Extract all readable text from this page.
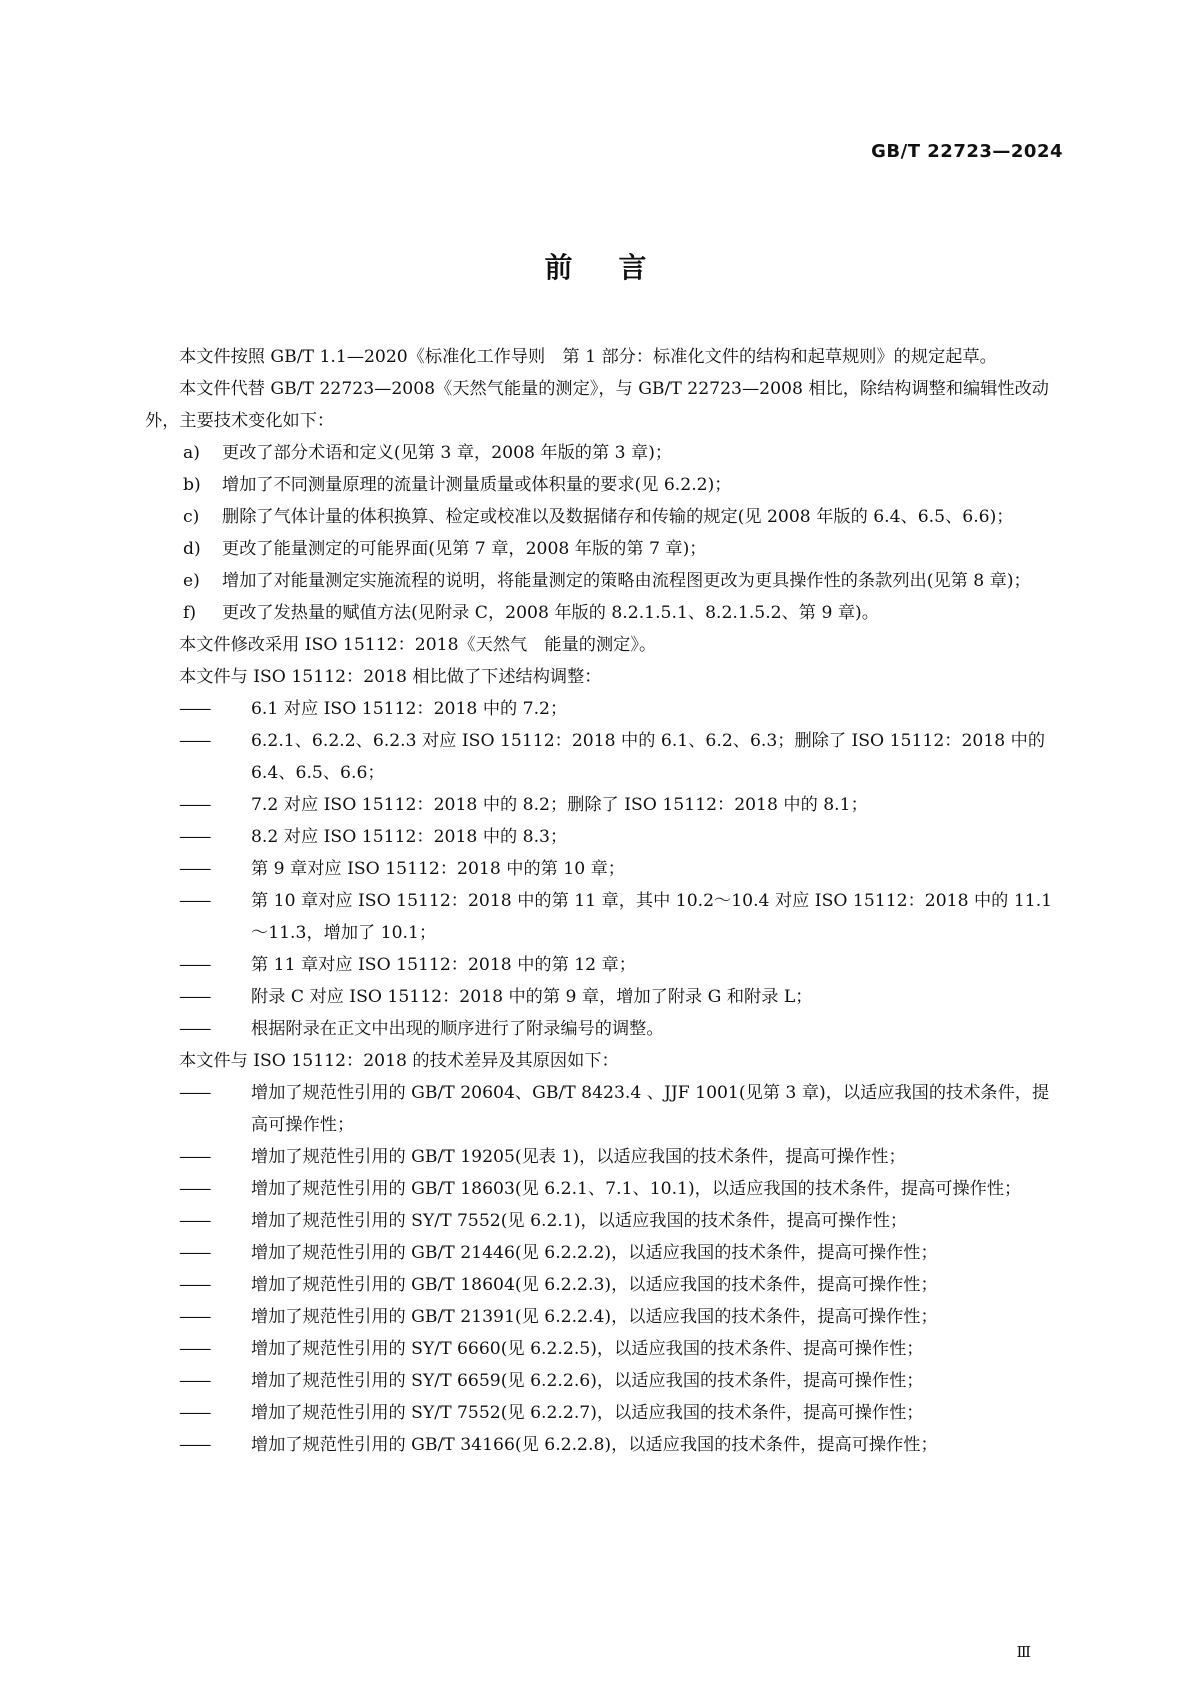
GB/T 22723—2024
前言

本文件按照 GB/T 1.1—2020《标准化工作导则　第 1 部分：标准化文件的结构和起草规则》的规定起草。

本文件代替 GB/T 22723—2008《天然气能量的测定》，与 GB/T 22723—2008 相比，除结构调整和编辑性改动外，主要技术变化如下：

a)	更改了部分术语和定义(见第 3 章，2008 年版的第 3 章)；
b)	增加了不同测量原理的流量计测量质量或体积量的要求(见 6.2.2)；
c)	删除了气体计量的体积换算、检定或校准以及数据储存和传输的规定(见 2008 年版的 6.4、6.5、6.6)；
d)	更改了能量测定的可能界面(见第 7 章，2008 年版的第 7 章)；
e)	增加了对能量测定实施流程的说明，将能量测定的策略由流程图更改为更具操作性的条款列出(见第 8 章)；
f)	更改了发热量的赋值方法(见附录 C，2008 年版的 8.2.1.5.1、8.2.1.5.2、第 9 章)。

本文件修改采用 ISO 15112：2018《天然气　能量的测定》。

本文件与 ISO 15112：2018 相比做了下述结构调整：

——	6.1 对应 ISO 15112：2018 中的 7.2；
——	6.2.1、6.2.2、6.2.3 对应 ISO 15112：2018 中的 6.1、6.2、6.3；删除了 ISO 15112：2018 中的 6.4、6.5、6.6；
——	7.2 对应 ISO 15112：2018 中的 8.2；删除了 ISO 15112：2018 中的 8.1；
——	8.2 对应 ISO 15112：2018 中的 8.3；
——	第 9 章对应 ISO 15112：2018 中的第 10 章；
——	第 10 章对应 ISO 15112：2018 中的第 11 章，其中 10.2～10.4 对应 ISO 15112：2018 中的 11.1～11.3，增加了 10.1；
——	第 11 章对应 ISO 15112：2018 中的第 12 章；
——	附录 C 对应 ISO 15112：2018 中的第 9 章，增加了附录 G 和附录 L；
——	根据附录在正文中出现的顺序进行了附录编号的调整。

本文件与 ISO 15112：2018 的技术差异及其原因如下：

——	增加了规范性引用的 GB/T 20604、GB/T 8423.4 、JJF 1001(见第 3 章)，以适应我国的技术条件，提高可操作性；
——	增加了规范性引用的 GB/T 19205(见表 1)，以适应我国的技术条件，提高可操作性；
——	增加了规范性引用的 GB/T 18603(见 6.2.1、7.1、10.1)，以适应我国的技术条件，提高可操作性；
——	增加了规范性引用的 SY/T 7552(见 6.2.1)，以适应我国的技术条件，提高可操作性；
——	增加了规范性引用的 GB/T 21446(见 6.2.2.2)，以适应我国的技术条件，提高可操作性；
——	增加了规范性引用的 GB/T 18604(见 6.2.2.3)，以适应我国的技术条件，提高可操作性；
——	增加了规范性引用的 GB/T 21391(见 6.2.2.4)，以适应我国的技术条件，提高可操作性；
——	增加了规范性引用的 SY/T 6660(见 6.2.2.5)，以适应我国的技术条件、提高可操作性；
——	增加了规范性引用的 SY/T 6659(见 6.2.2.6)，以适应我国的技术条件，提高可操作性；
——	增加了规范性引用的 SY/T 7552(见 6.2.2.7)，以适应我国的技术条件，提高可操作性；
——	增加了规范性引用的 GB/T 34166(见 6.2.2.8)，以适应我国的技术条件，提高可操作性；
Ⅲ
